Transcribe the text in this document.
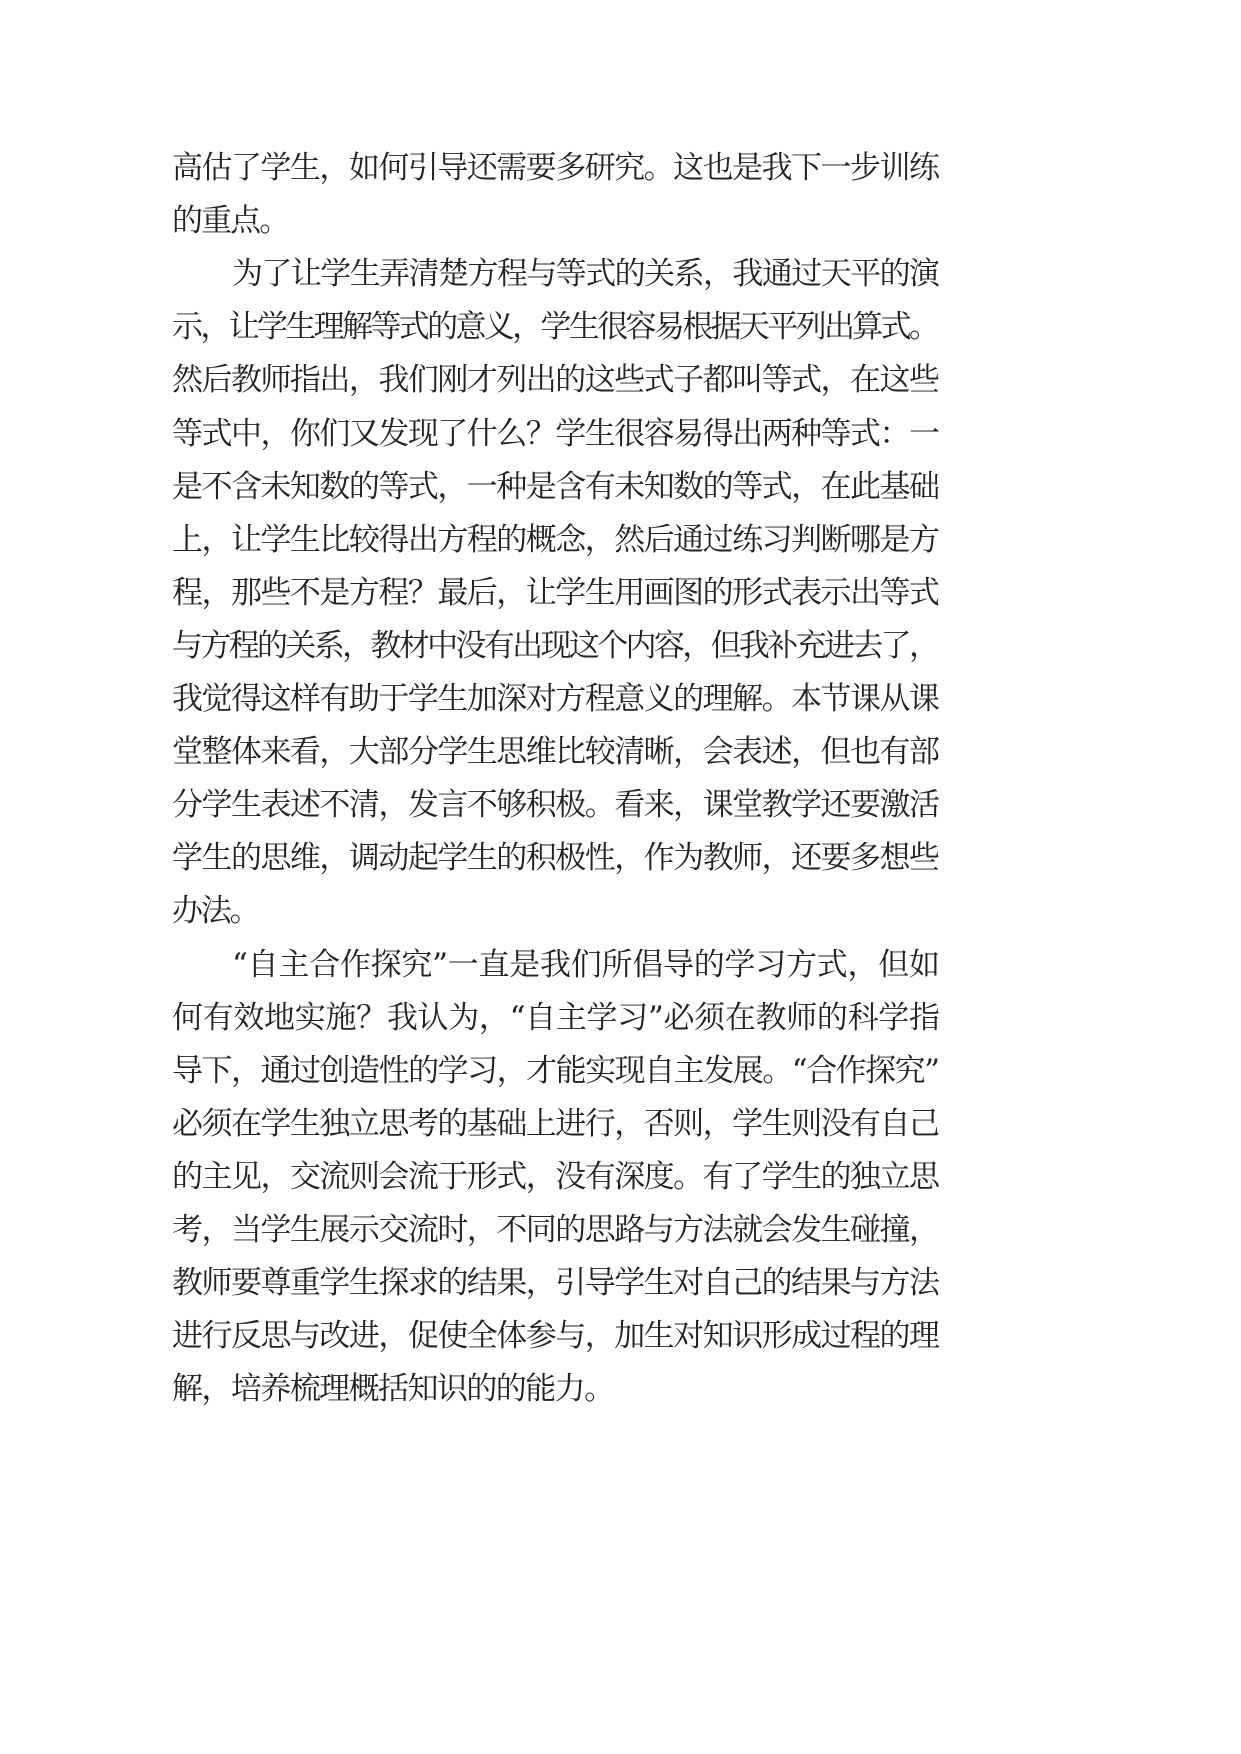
高估了学生，如何引导还需要多研究。这也是我下一步训练
的重点。
为了让学生弄清楚方程与等式的关系，我通过天平的演
示，让学生理解等式的意义，学生很容易根据天平列出算式。
然后教师指出，我们刚才列出的这些式子都叫等式，在这些
等式中，你们又发现了什么？学生很容易得出两种等式：一
是不含未知数的等式，一种是含有未知数的等式，在此基础
上，让学生比较得出方程的概念，然后通过练习判断哪是方
程，那些不是方程？最后，让学生用画图的形式表示出等式
与方程的关系，教材中没有出现这个内容，但我补充进去了，
我觉得这样有助于学生加深对方程意义的理解。本节课从课
堂整体来看，大部分学生思维比较清晰，会表述，但也有部
分学生表述不清，发言不够积极。看来，课堂教学还要激活
学生的思维，调动起学生的积极性，作为教师，还要多想些
办法。
“自主合作探究”一直是我们所倡导的学习方式，但如
何有效地实施？我认为，“自主学习”必须在教师的科学指
导下，通过创造性的学习，才能实现自主发展。“合作探究”
必须在学生独立思考的基础上进行，否则，学生则没有自己
的主见，交流则会流于形式，没有深度。有了学生的独立思
考，当学生展示交流时，不同的思路与方法就会发生碰撞，
教师要尊重学生探求的结果，引导学生对自己的结果与方法
进行反思与改进，促使全体参与，加生对知识形成过程的理
解，培养梳理概括知识的的能力。
